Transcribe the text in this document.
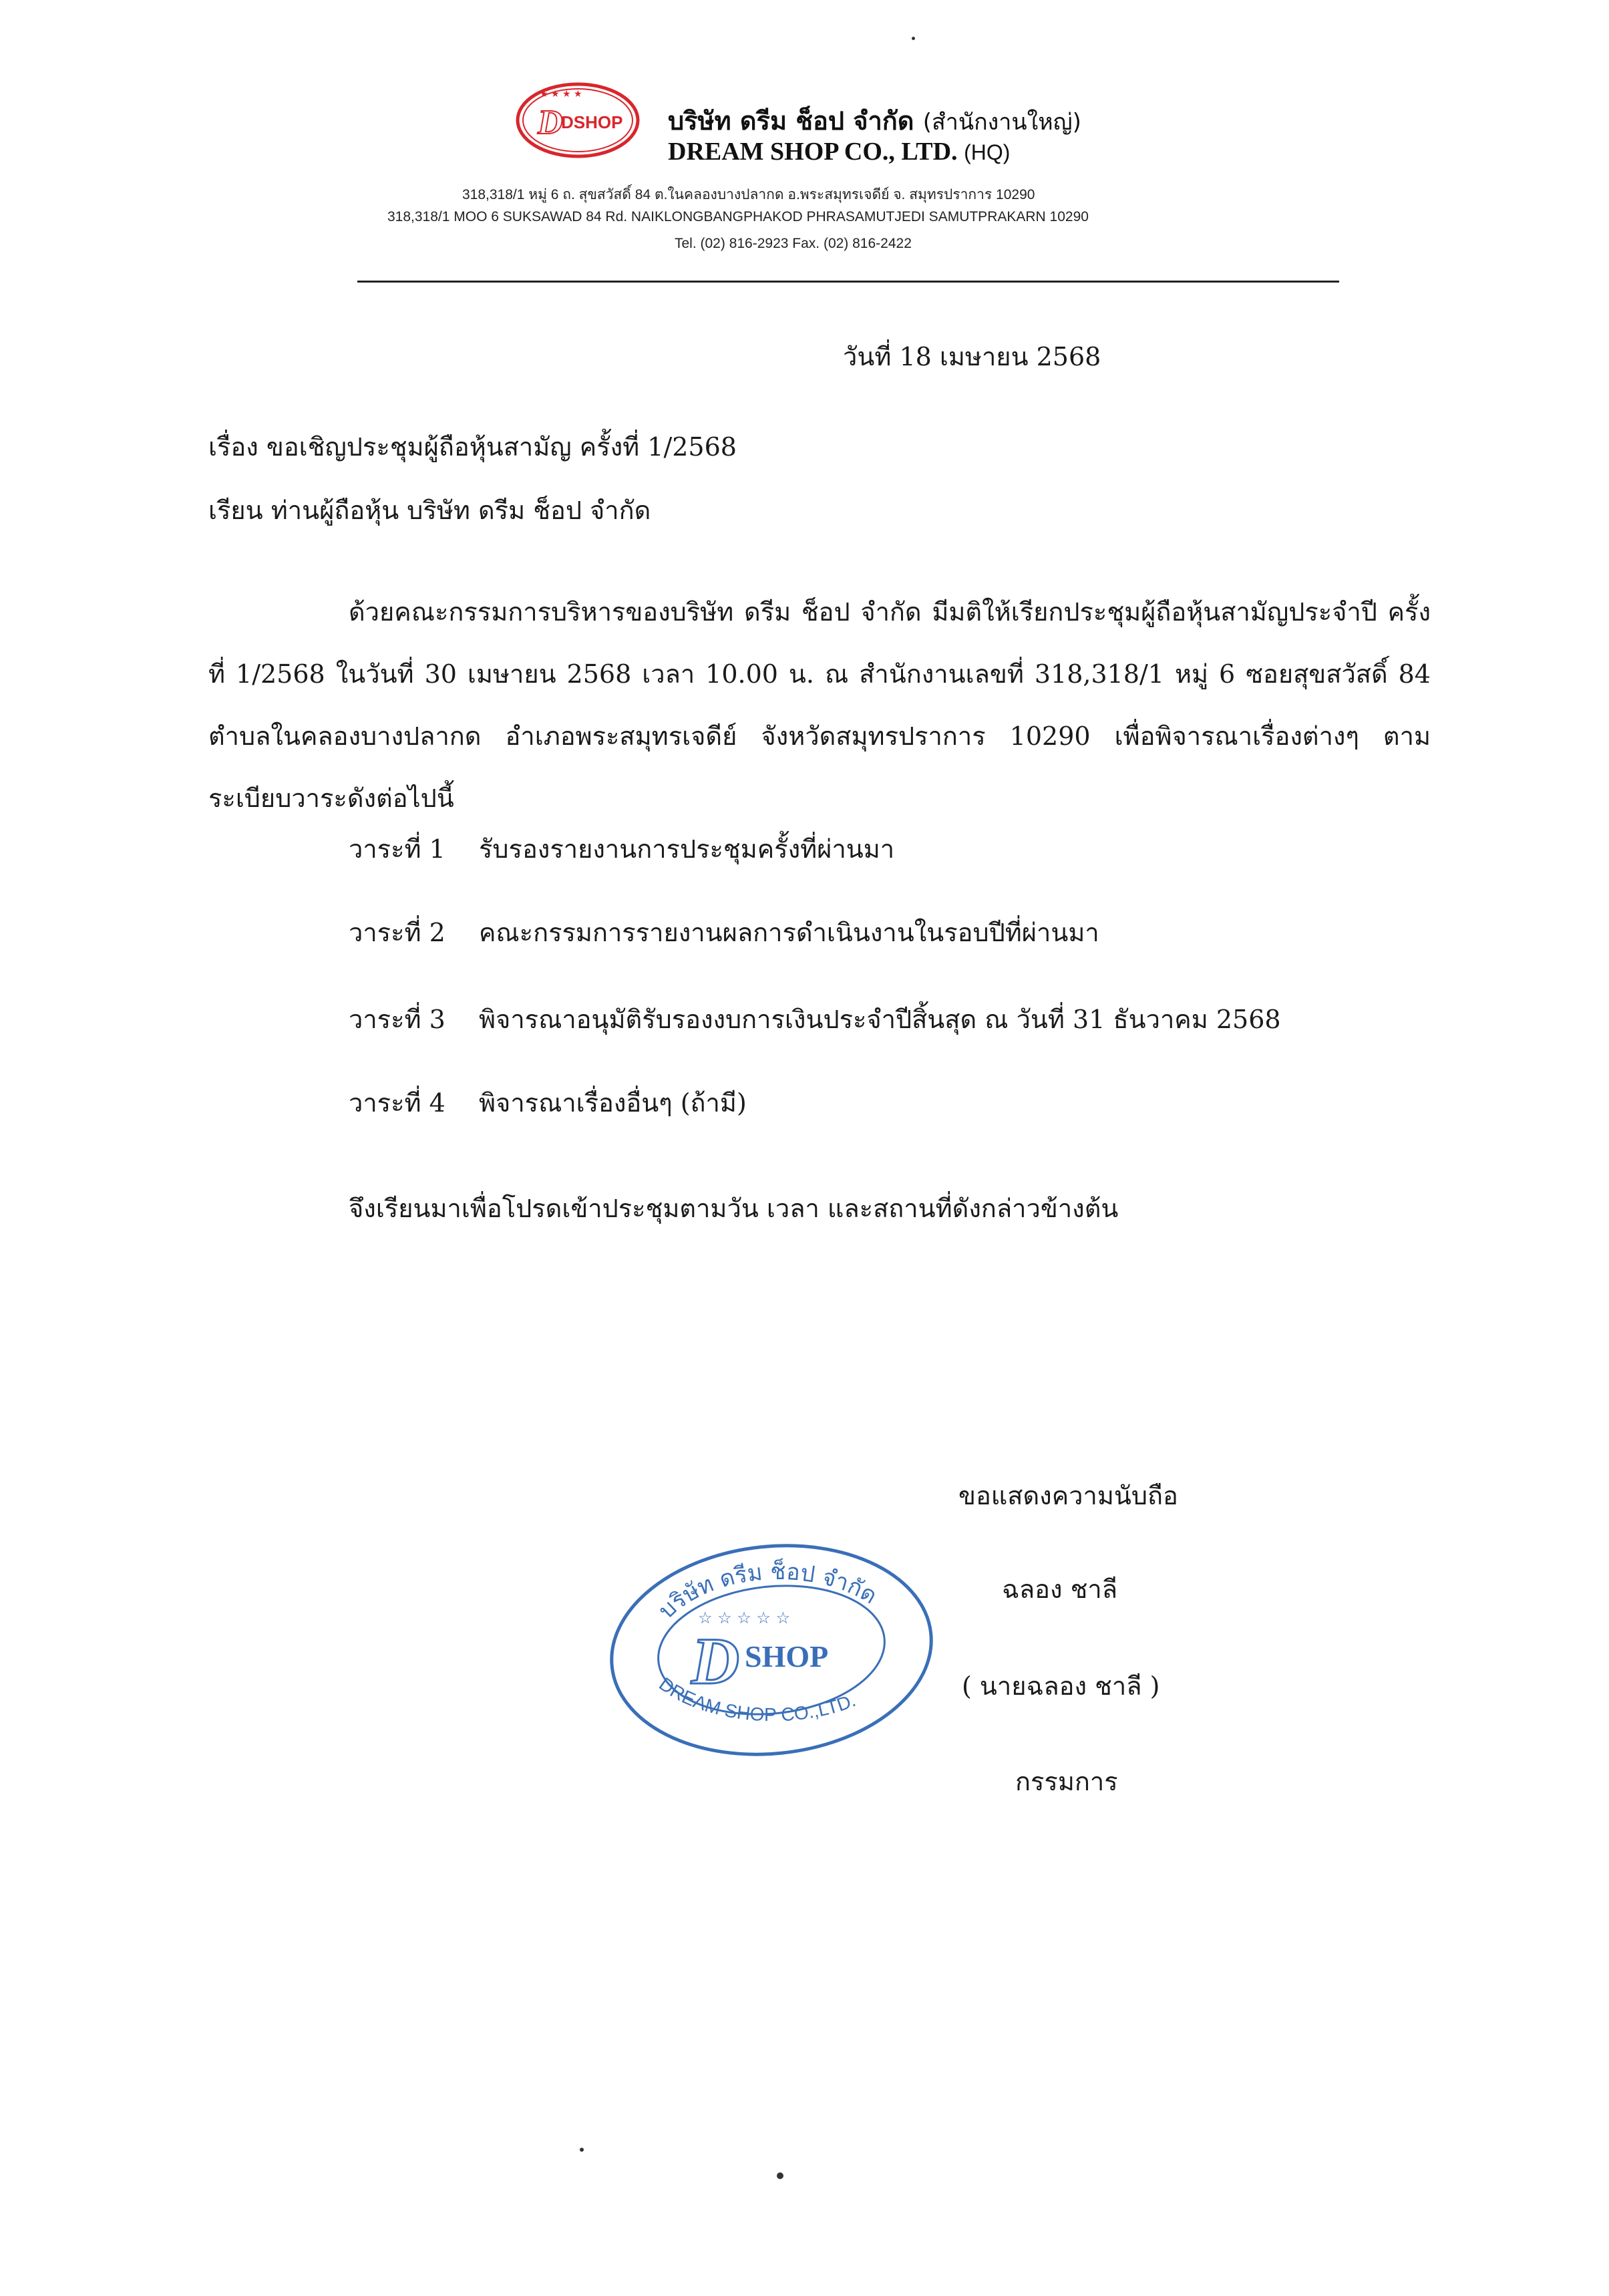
★ ★ ★ ★
D
DSHOP บริษัท ดรีม ช็อป จำกัด (สำนักงานใหญ่)
DREAM SHOP CO., LTD. (HQ)
318,318/1 หมู่ 6 ถ. สุขสวัสดิ์ 84 ต.ในคลองบางปลากด อ.พระสมุทรเจดีย์ จ. สมุทรปราการ 10290
318,318/1 MOO 6 SUKSAWAD 84 Rd. NAIKLONGBANGPHAKOD PHRASAMUTJEDI SAMUTPRAKARN 10290
Tel. (02) 816-2923 Fax. (02) 816-2422
วันที่ 18 เมษายน 2568
เรื่อง ขอเชิญประชุมผู้ถือหุ้นสามัญ ครั้งที่ 1/2568
เรียน ท่านผู้ถือหุ้น บริษัท ดรีม ช็อป จำกัด

ด้วยคณะกรรมการบริหารของบริษัท ดรีม ช็อป จำกัด มีมติให้เรียกประชุมผู้ถือหุ้นสามัญประจำปี ครั้งที่ 1/2568 ในวันที่ 30 เมษายน 2568 เวลา 10.00 น. ณ สำนักงานเลขที่ 318,318/1 หมู่ 6 ซอยสุขสวัสดิ์ 84 ตำบลในคลองบางปลากด อำเภอพระสมุทรเจดีย์ จังหวัดสมุทรปราการ 10290 เพื่อพิจารณาเรื่องต่างๆ ตามระเบียบวาระดังต่อไปนี้

วาระที่ 1 รับรองรายงานการประชุมครั้งที่ผ่านมา
วาระที่ 2 คณะกรรมการรายงานผลการดำเนินงานในรอบปีที่ผ่านมา
วาระที่ 3 พิจารณาอนุมัติรับรองงบการเงินประจำปีสิ้นสุด ณ วันที่ 31 ธันวาคม 2568
วาระที่ 4 พิจารณาเรื่องอื่นๆ (ถ้ามี)
จึงเรียนมาเพื่อโปรดเข้าประชุมตามวัน เวลา และสถานที่ดังกล่าวข้างต้น
ขอแสดงความนับถือ
ฉลอง ชาลี
( นายฉลอง ชาลี )
กรรมการ
บริษัท ดรีม ช็อป จำกัด
☆ ☆ ☆ ☆ ☆
D SHOP
DREAM SHOP CO.,LTD.
